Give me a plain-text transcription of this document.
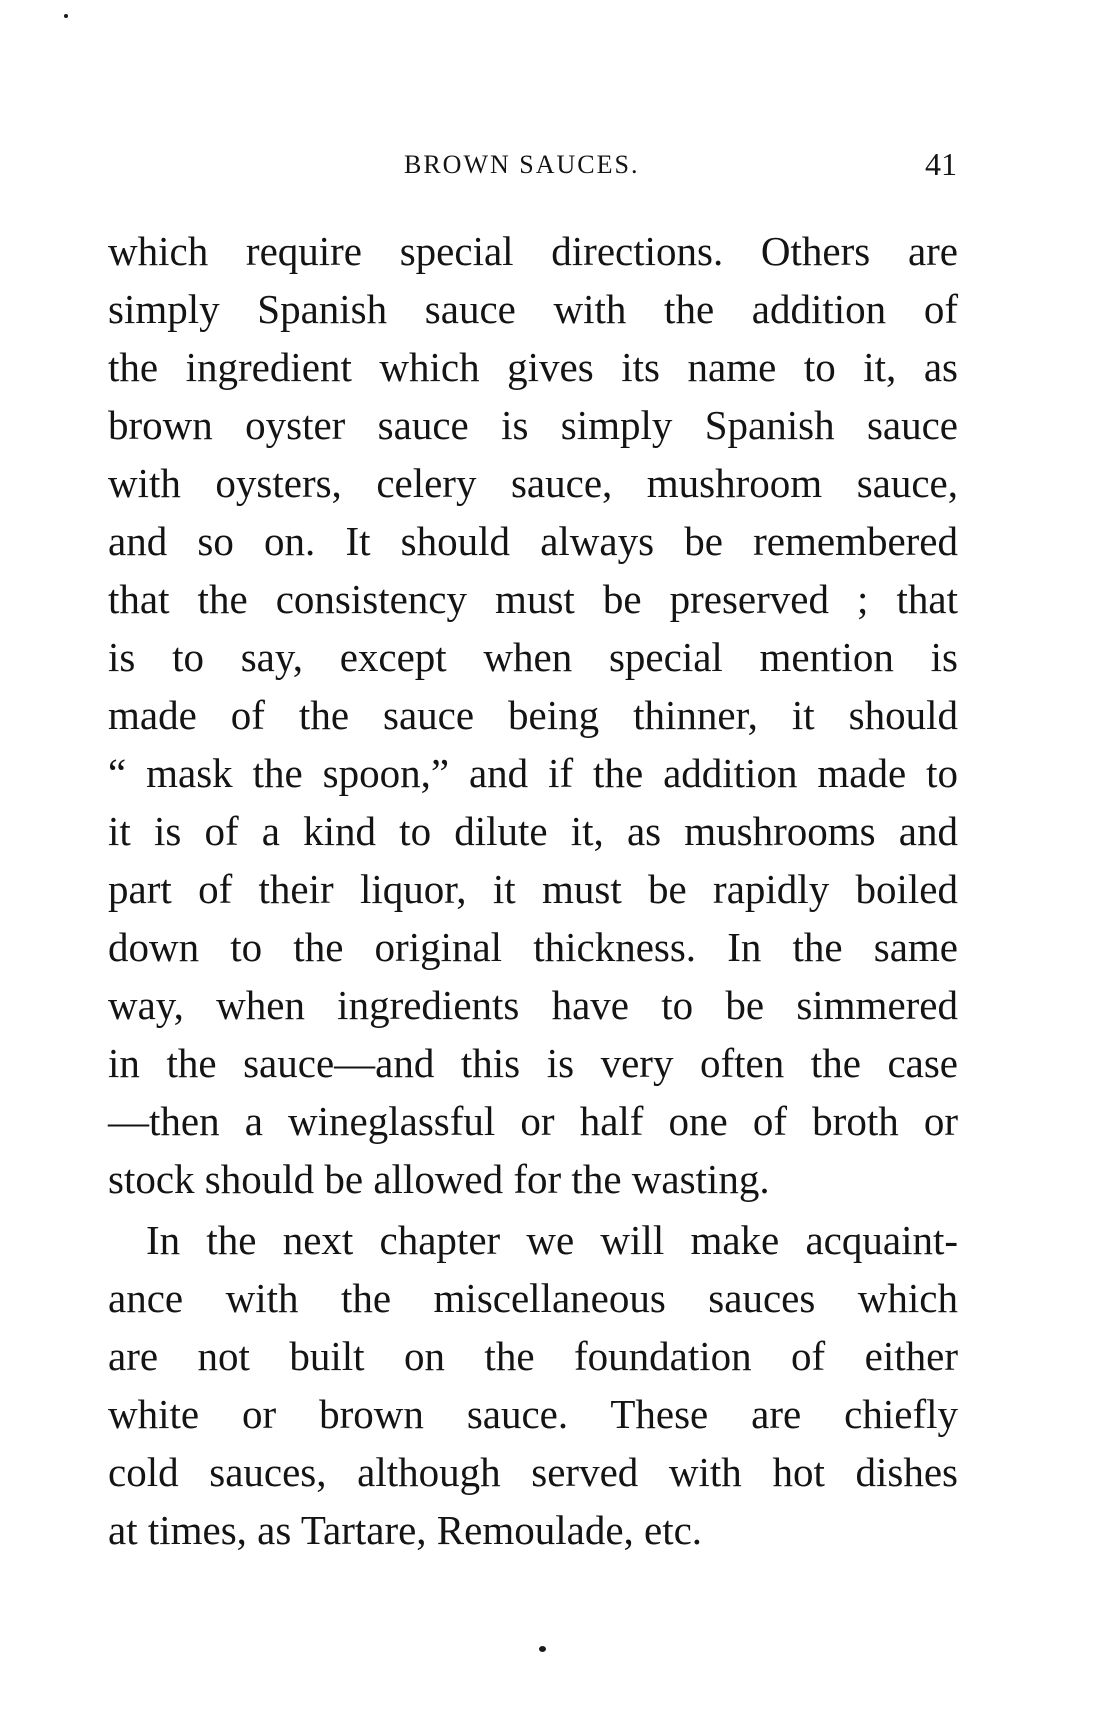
BROWN SAUCES.	41

which require special directions. Others are
simply Spanish sauce with the addition of
the ingredient which gives its name to it, as
brown oyster sauce is simply Spanish sauce
with oysters, celery sauce, mushroom sauce,
and so on. It should always be remembered
that the consistency must be preserved ; that
is to say, except when special mention is
made of the sauce being thinner, it should
“ mask the spoon,” and if the addition made to
it is of a kind to dilute it, as mushrooms and
part of their liquor, it must be rapidly boiled
down to the original thickness. In the same
way, when ingredients have to be simmered
in the sauce—and this is very often the case
—then a wineglassful or half one of broth or
stock should be allowed for the wasting.

In the next chapter we will make acquaint-
ance with the miscellaneous sauces which
are not built on the foundation of either
white or brown sauce. These are chiefly
cold sauces, although served with hot dishes
at times, as Tartare, Remoulade, etc.
